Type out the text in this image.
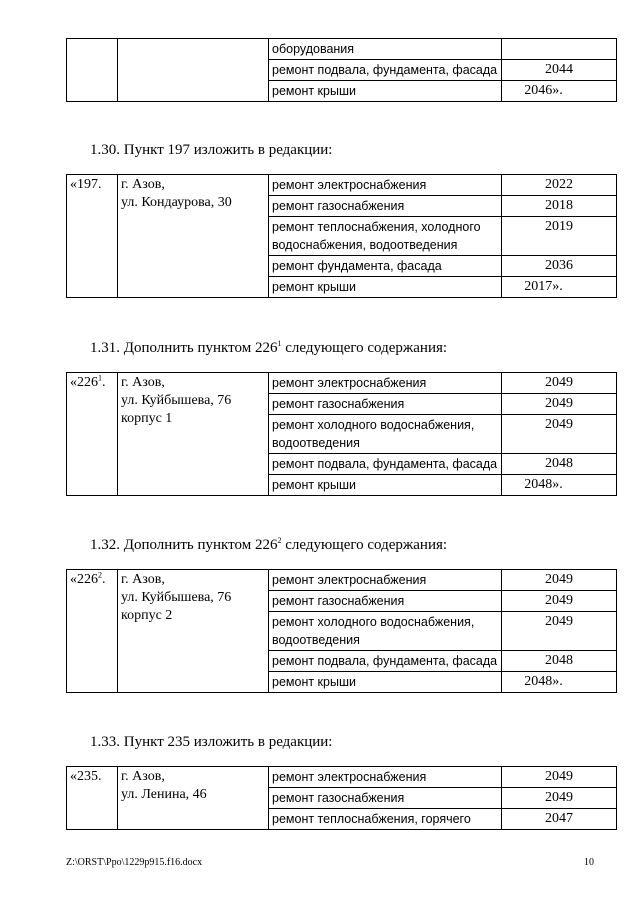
		оборудования	
		ремонт подвала, фундамента, фасада	2044
		ремонт крыши	2046».

1.30. Пункт 197 изложить в редакции:

«197.	г. Азов,
ул. Кондаурова, 30	ремонт электроснабжения	2022
		ремонт газоснабжения	2018
		ремонт теплоснабжения, холодного водоснабжения, водоотведения	2019
		ремонт фундамента, фасада	2036
		ремонт крыши	2017».

1.31. Дополнить пунктом $226^1$ следующего содержания:

«$226^1$.	г. Азов,
ул. Куйбышева, 76
корпус 1	ремонт электроснабжения	2049
		ремонт газоснабжения	2049
		ремонт холодного водоснабжения, водоотведения	2049
		ремонт подвала, фундамента, фасада	2048
		ремонт крыши	2048».

1.32. Дополнить пунктом $226^2$ следующего содержания:

«$226^2$.	г. Азов,
ул. Куйбышева, 76
корпус 2	ремонт электроснабжения	2049
		ремонт газоснабжения	2049
		ремонт холодного водоснабжения, водоотведения	2049
		ремонт подвала, фундамента, фасада	2048
		ремонт крыши	2048».

1.33. Пункт 235 изложить в редакции:

«235.	г. Азов,
ул. Ленина, 46	ремонт электроснабжения	2049
		ремонт газоснабжения	2049
		ремонт теплоснабжения, горячего	2047
Z:\ORST\Ppo\1229p915.f16.docx	10
